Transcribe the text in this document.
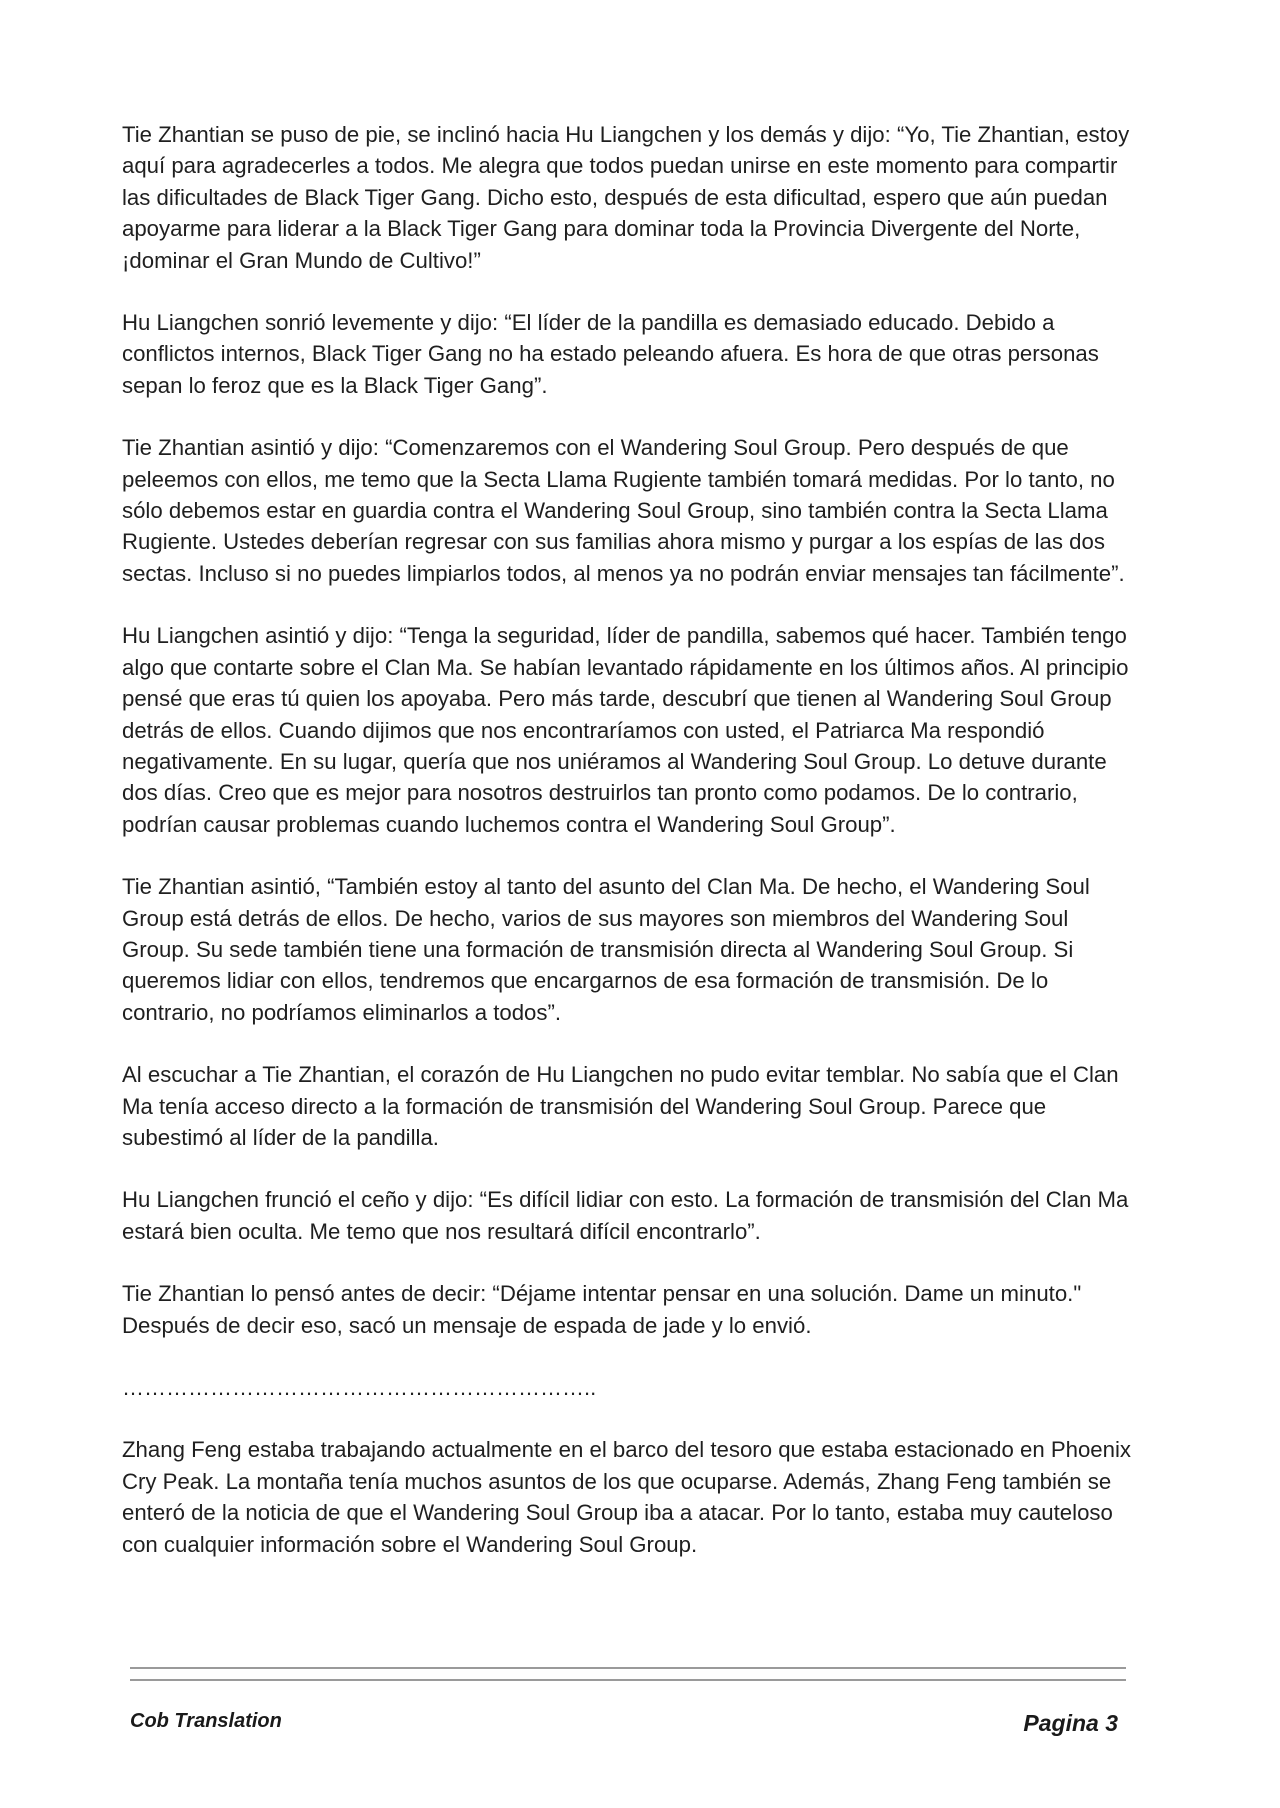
Tie Zhantian se puso de pie, se inclinó hacia Hu Liangchen y los demás y dijo: “Yo, Tie Zhantian, estoy aquí para agradecerles a todos. Me alegra que todos puedan unirse en este momento para compartir las dificultades de Black Tiger Gang. Dicho esto, después de esta dificultad, espero que aún puedan apoyarme para liderar a la Black Tiger Gang para dominar toda la Provincia Divergente del Norte, ¡dominar el Gran Mundo de Cultivo!”

Hu Liangchen sonrió levemente y dijo: “El líder de la pandilla es demasiado educado. Debido a conflictos internos, Black Tiger Gang no ha estado peleando afuera. Es hora de que otras personas sepan lo feroz que es la Black Tiger Gang”.

Tie Zhantian asintió y dijo: “Comenzaremos con el Wandering Soul Group. Pero después de que peleemos con ellos, me temo que la Secta Llama Rugiente también tomará medidas. Por lo tanto, no sólo debemos estar en guardia contra el Wandering Soul Group, sino también contra la Secta Llama Rugiente. Ustedes deberían regresar con sus familias ahora mismo y purgar a los espías de las dos sectas. Incluso si no puedes limpiarlos todos, al menos ya no podrán enviar mensajes tan fácilmente”.

Hu Liangchen asintió y dijo: “Tenga la seguridad, líder de pandilla, sabemos qué hacer. También tengo algo que contarte sobre el Clan Ma. Se habían levantado rápidamente en los últimos años. Al principio pensé que eras tú quien los apoyaba. Pero más tarde, descubrí que tienen al Wandering Soul Group detrás de ellos. Cuando dijimos que nos encontraríamos con usted, el Patriarca Ma respondió negativamente. En su lugar, quería que nos uniéramos al Wandering Soul Group. Lo detuve durante dos días. Creo que es mejor para nosotros destruirlos tan pronto como podamos. De lo contrario, podrían causar problemas cuando luchemos contra el Wandering Soul Group”.

Tie Zhantian asintió, “También estoy al tanto del asunto del Clan Ma. De hecho, el Wandering Soul Group está detrás de ellos. De hecho, varios de sus mayores son miembros del Wandering Soul Group. Su sede también tiene una formación de transmisión directa al Wandering Soul Group. Si queremos lidiar con ellos, tendremos que encargarnos de esa formación de transmisión. De lo contrario, no podríamos eliminarlos a todos”.

Al escuchar a Tie Zhantian, el corazón de Hu Liangchen no pudo evitar temblar. No sabía que el Clan Ma tenía acceso directo a la formación de transmisión del Wandering Soul Group. Parece que subestimó al líder de la pandilla.

Hu Liangchen frunció el ceño y dijo: “Es difícil lidiar con esto. La formación de transmisión del Clan Ma estará bien oculta. Me temo que nos resultará difícil encontrarlo”.

Tie Zhantian lo pensó antes de decir: “Déjame intentar pensar en una solución. Dame un minuto." Después de decir eso, sacó un mensaje de espada de jade y lo envió.

………………………………………………………..

Zhang Feng estaba trabajando actualmente en el barco del tesoro que estaba estacionado en Phoenix Cry Peak. La montaña tenía muchos asuntos de los que ocuparse. Además, Zhang Feng también se enteró de la noticia de que el Wandering Soul Group iba a atacar. Por lo tanto, estaba muy cauteloso con cualquier información sobre el Wandering Soul Group.

Cob Translation	Pagina 3
